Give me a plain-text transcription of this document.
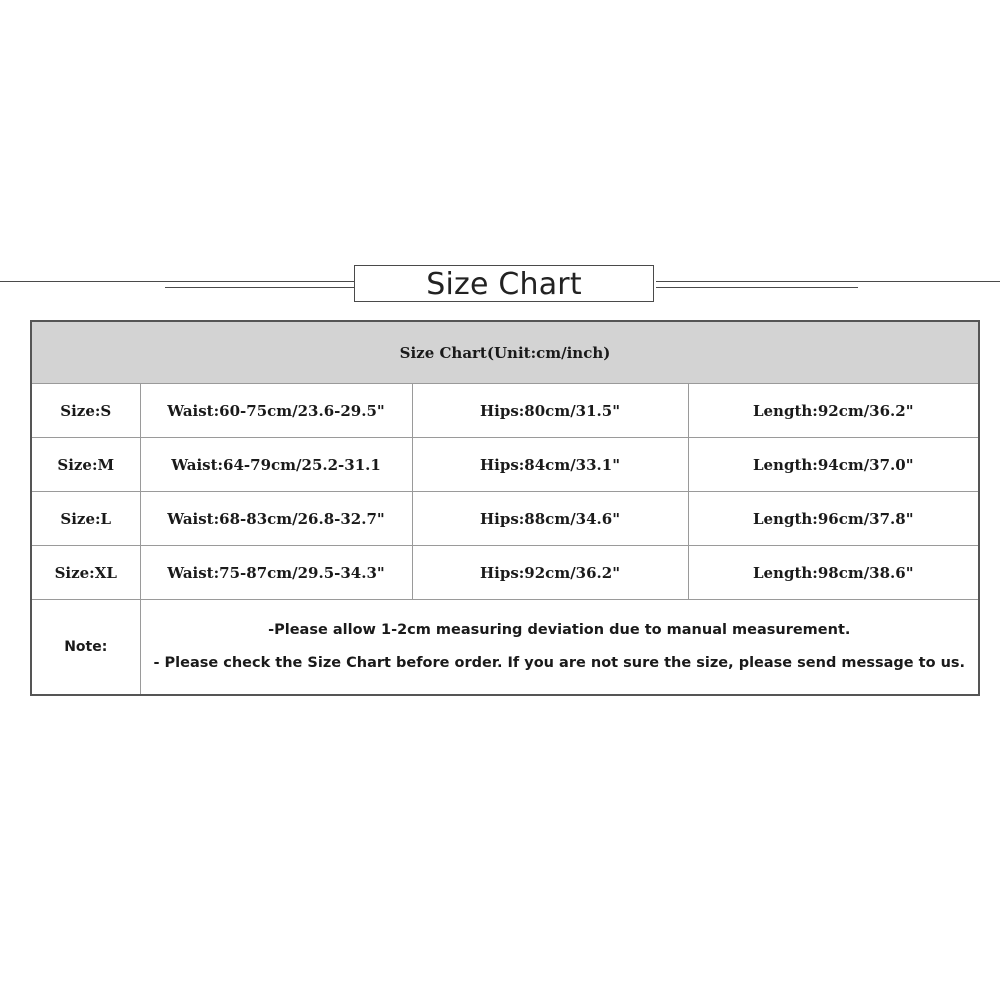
Size Chart
Size Chart(Unit:cm/inch)			
Size:S	Waist:60-75cm/23.6-29.5"	Hips:80cm/31.5"	Length:92cm/36.2"
Size:M	Waist:64-79cm/25.2-31.1	Hips:84cm/33.1"	Length:94cm/37.0"
Size:L	Waist:68-83cm/26.8-32.7"	Hips:88cm/34.6"	Length:96cm/37.8"
Size:XL	Waist:75-87cm/29.5-34.3"	Hips:92cm/36.2"	Length:98cm/38.6"
Note:	-Please allow 1-2cm measuring deviation due to manual measurement.
- Please check the Size Chart before order. If you are not sure the size, please send message to us.		
